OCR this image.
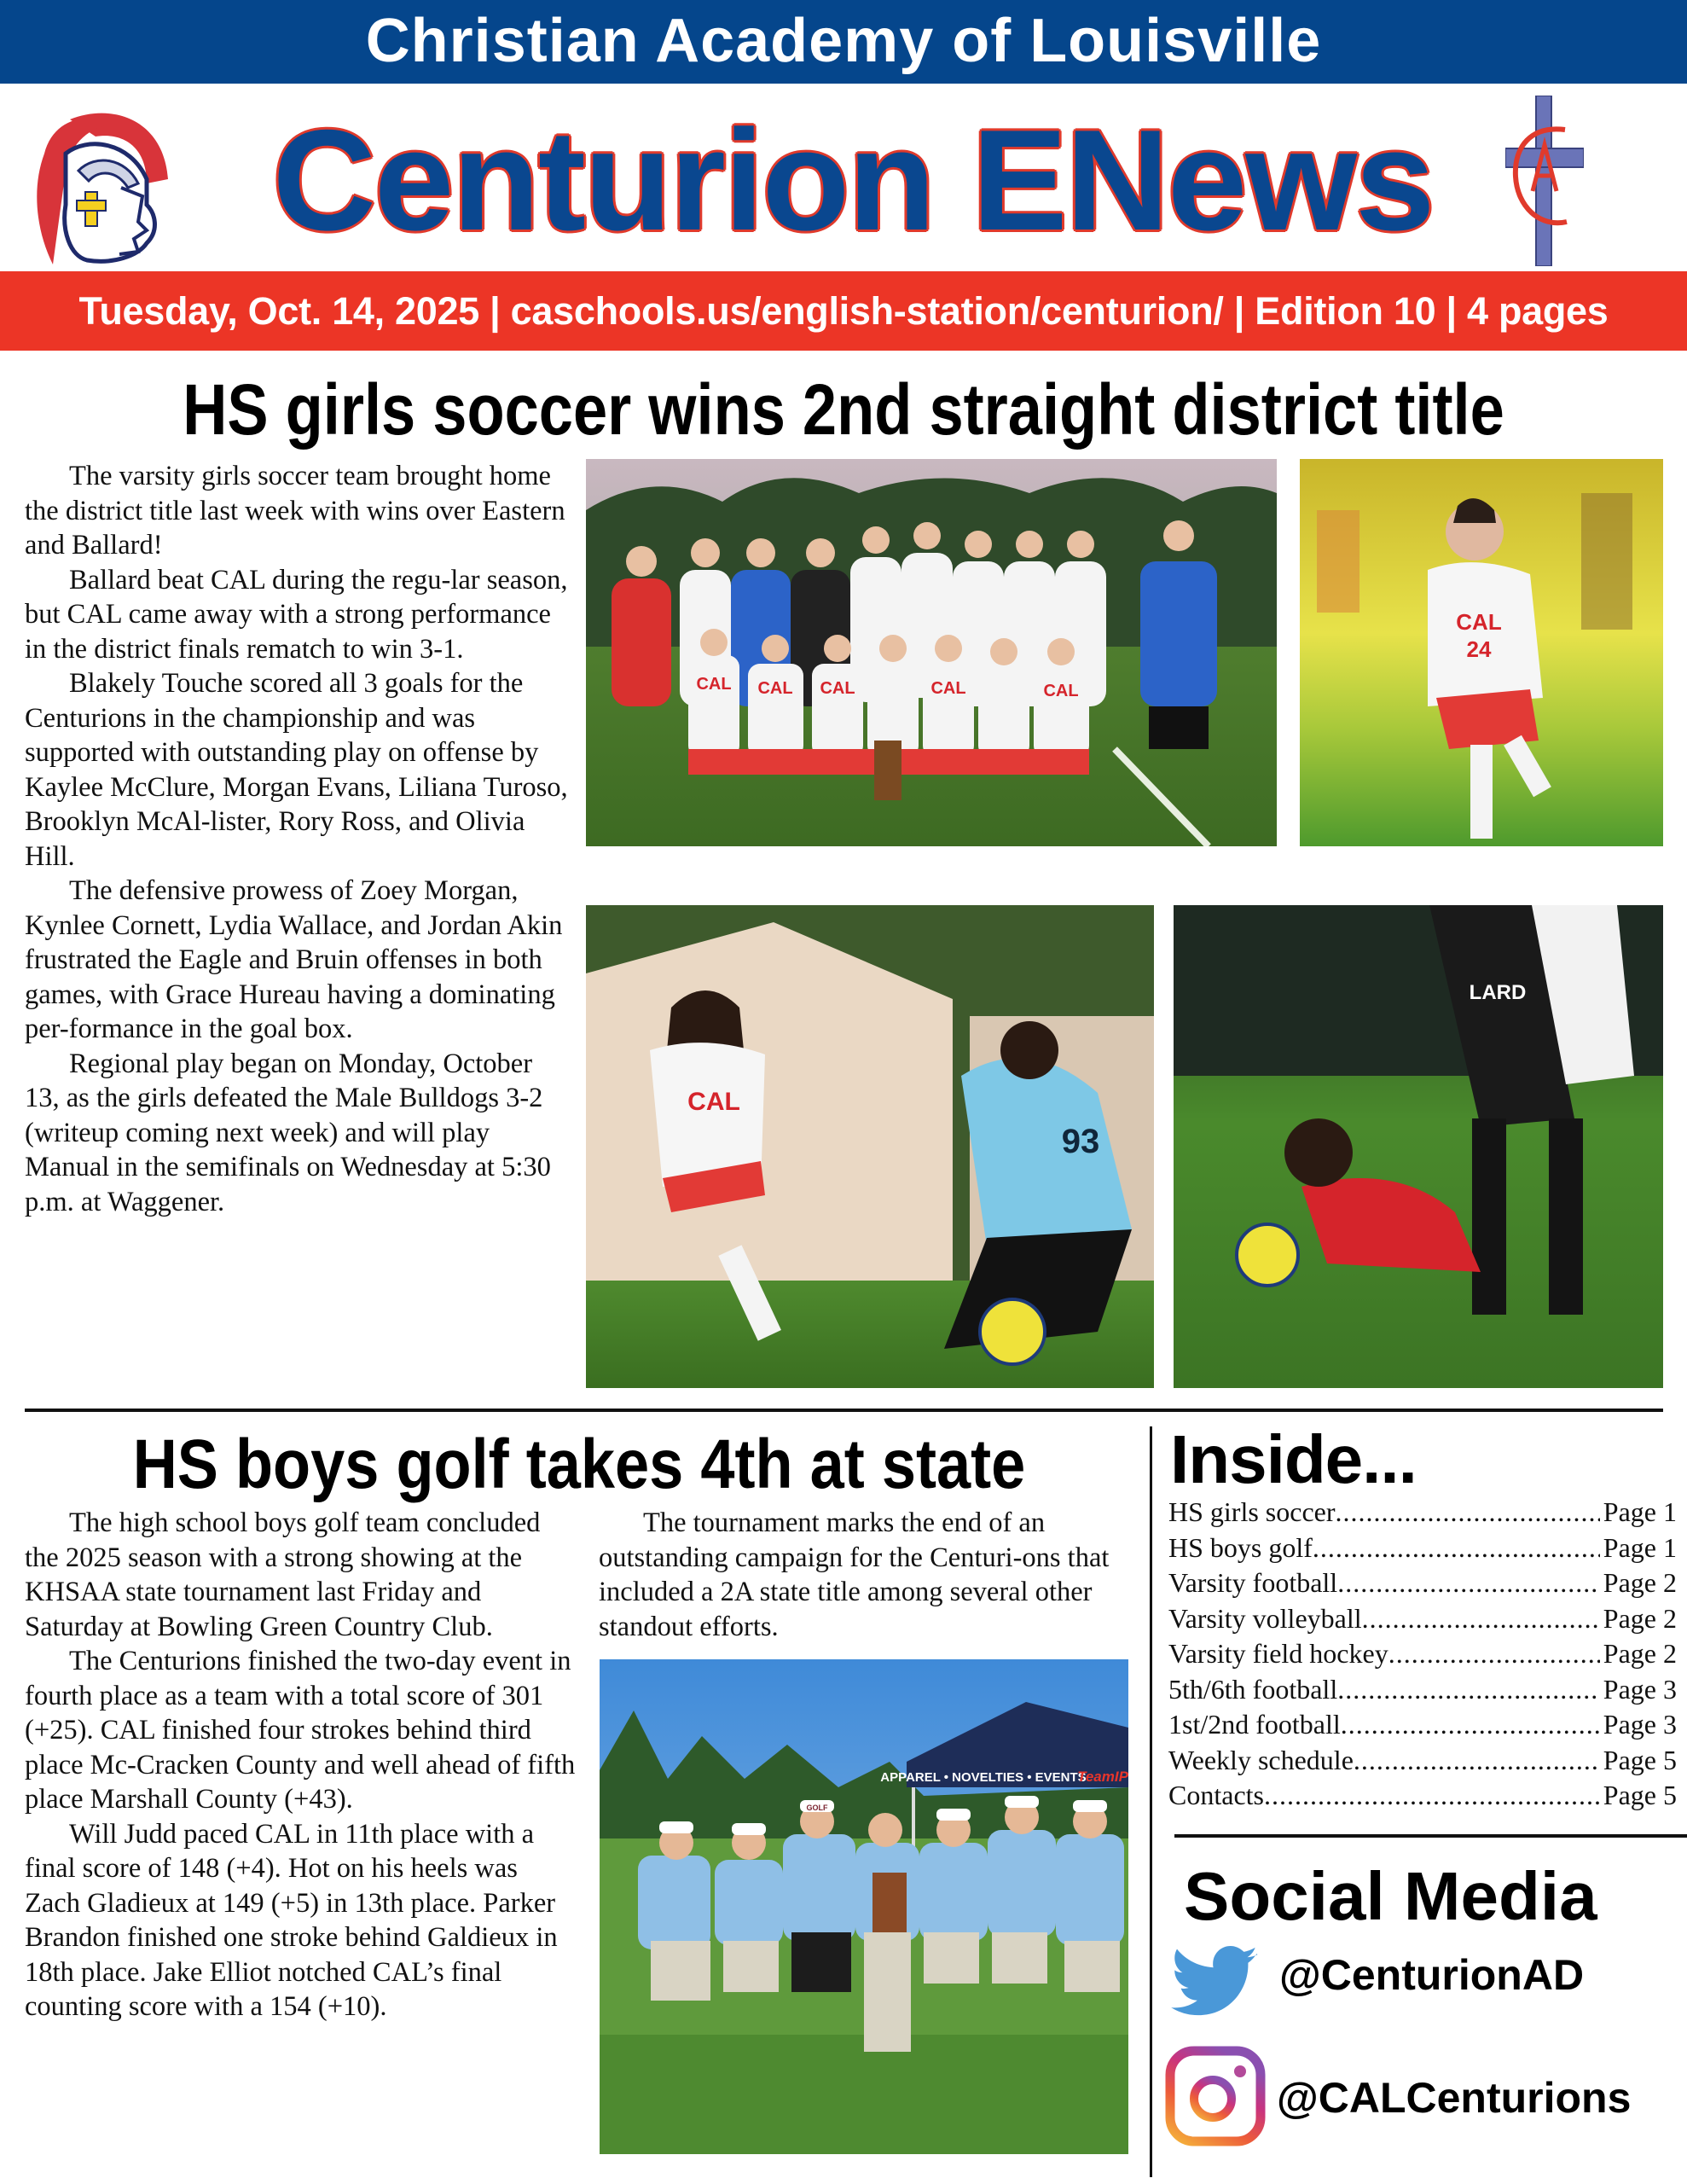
Christian Academy of Louisville
Centurion ENews
Tuesday, Oct. 14, 2025 | caschools.us/english-station/centurion/ | Edition 10 | 4 pages
HS girls soccer wins 2nd straight district title

The varsity girls soccer team brought home the district title last week with wins over Eastern and Ballard!

Ballard beat CAL during the regu-lar season, but CAL came away with a strong performance in the district finals rematch to win 3-1.

Blakely Touche scored all 3 goals for the Centurions in the championship and was supported with outstanding play on offense by Kaylee McClure, Morgan Evans, Liliana Turoso, Brooklyn McAl-lister, Rory Ross, and Olivia Hill.

The defensive prowess of Zoey Morgan, Kynlee Cornett, Lydia Wallace, and Jordan Akin frustrated the Eagle and Bruin offenses in both games, with Grace Hureau having a dominating per-formance in the goal box.

Regional play began on Monday, October 13, as the girls defeated the Male Bulldogs 3-2 (writeup coming next week) and will play Manual in the semifinals on Wednesday at 5:30 p.m. at Waggener.

CAL CAL CAL	CAL	CAL
CAL
24
CAL
93
LARD
HS boys golf takes 4th at state

The high school boys golf team concluded the 2025 season with a strong showing at the KHSAA state tournament last Friday and Saturday at Bowling Green Country Club.

The Centurions finished the two-day event in fourth place as a team with a total score of 301 (+25). CAL finished four strokes behind third place Mc-Cracken County and well ahead of fifth place Marshall County (+43).

Will Judd paced CAL in 11th place with a final score of 148 (+4). Hot on his heels was Zach Gladieux at 149 (+5) in 13th place. Parker Brandon finished one stroke behind Galdieux in 18th place. Jake Elliot notched CAL’s final counting score with a 154 (+10).

The tournament marks the end of an outstanding campaign for the Centuri-ons that included a 2A state title among several other standout efforts.

APPAREL • NOVELTIES • EVENTS
TeamIP
GOLF
Inside...
HS girls soccer .....	Page 1
HS boys golf .....	Page 1
Varsity football .....	Page 2
Varsity volleyball .....	Page 2
Varsity field hockey .....	Page 2
5th/6th football .....	Page 3
1st/2nd football .....	Page 3
Weekly schedule .....	Page 5
Contacts .....	Page 5
Social Media
@CenturionAD
@CALCenturions
